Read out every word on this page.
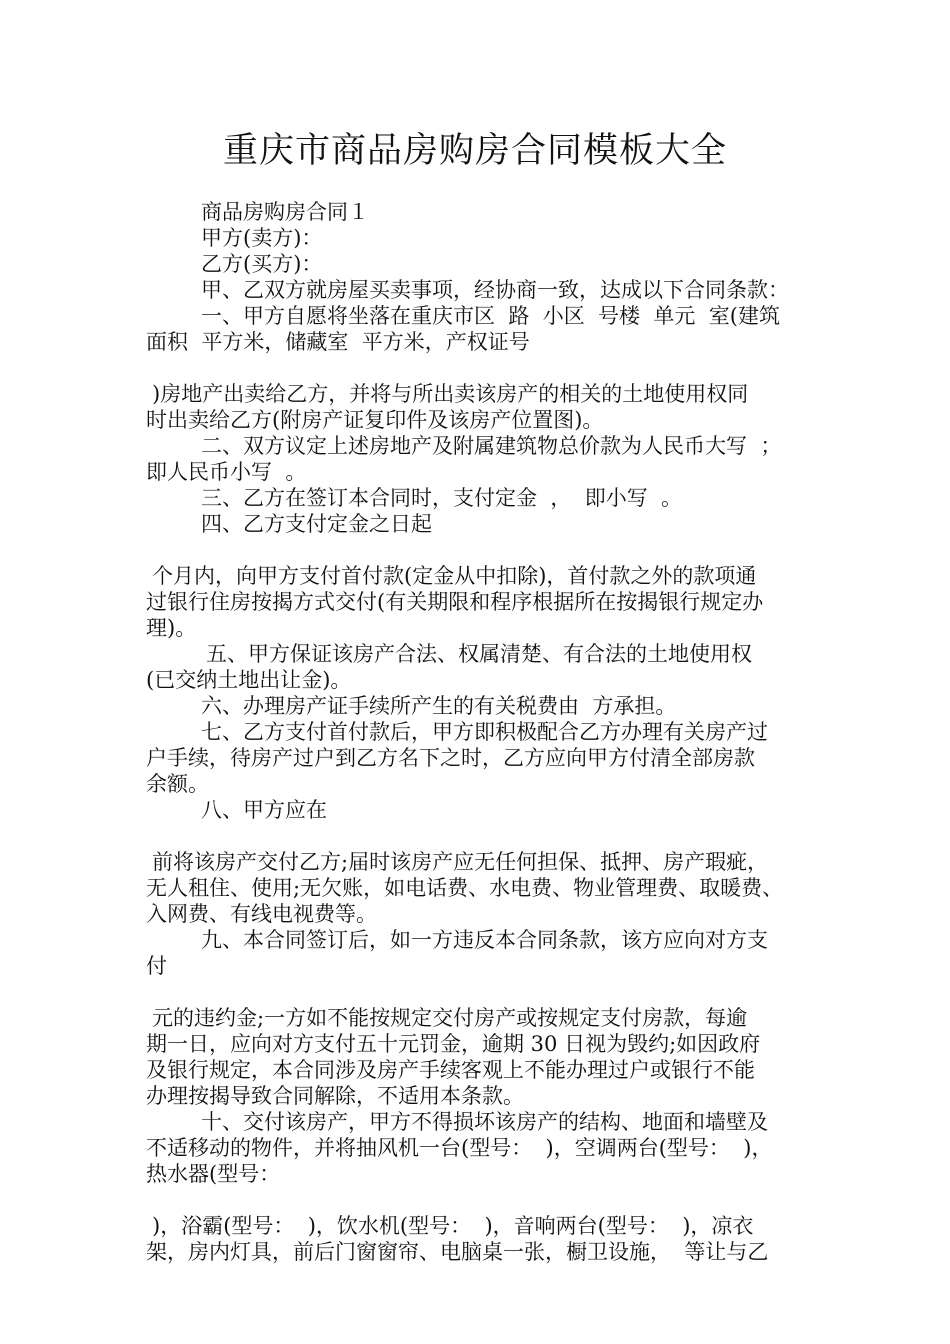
重庆市商品房购房合同模板大全
商品房购房合同１
甲方(卖方)：
乙方(买方)：
甲、乙双方就房屋买卖事项，经协商一致，达成以下合同条款：
一、甲方自愿将坐落在重庆市区  路  小区  号楼  单元  室(建筑
面积  平方米，储藏室  平方米，产权证号
)房地产出卖给乙方，并将与所出卖该房产的相关的土地使用权同
时出卖给乙方(附房产证复印件及该房产位置图)。
二、双方议定上述房地产及附属建筑物总价款为人民币大写  ；
即人民币小写  。
三、乙方在签订本合同时，支付定金  ，  即小写  。
四、乙方支付定金之日起
个月内，向甲方支付首付款(定金从中扣除)，首付款之外的款项通
过银行住房按揭方式交付(有关期限和程序根据所在按揭银行规定办
理)。
五、甲方保证该房产合法、权属清楚、有合法的土地使用权
(已交纳土地出让金)。
六、办理房产证手续所产生的有关税费由  方承担。
七、乙方支付首付款后，甲方即积极配合乙方办理有关房产过
户手续，待房产过户到乙方名下之时，乙方应向甲方付清全部房款
余额。
八、甲方应在
前将该房产交付乙方;届时该房产应无任何担保、抵押、房产瑕疵，
无人租住、使用;无欠账，如电话费、水电费、物业管理费、取暖费、
入网费、有线电视费等。
九、本合同签订后，如一方违反本合同条款，该方应向对方支
付
元的违约金;一方如不能按规定交付房产或按规定支付房款，每逾
期一日，应向对方支付五十元罚金，逾期 30 日视为毁约;如因政府
及银行规定，本合同涉及房产手续客观上不能办理过户或银行不能
办理按揭导致合同解除，不适用本条款。
十、交付该房产，甲方不得损坏该房产的结构、地面和墙壁及
不适移动的物件，并将抽风机一台(型号：  )，空调两台(型号：  )，
热水器(型号：
)，浴霸(型号：  )，饮水机(型号：  )，音响两台(型号：  )，凉衣
架，房内灯具，前后门窗窗帘、电脑桌一张，橱卫设施，  等让与乙
